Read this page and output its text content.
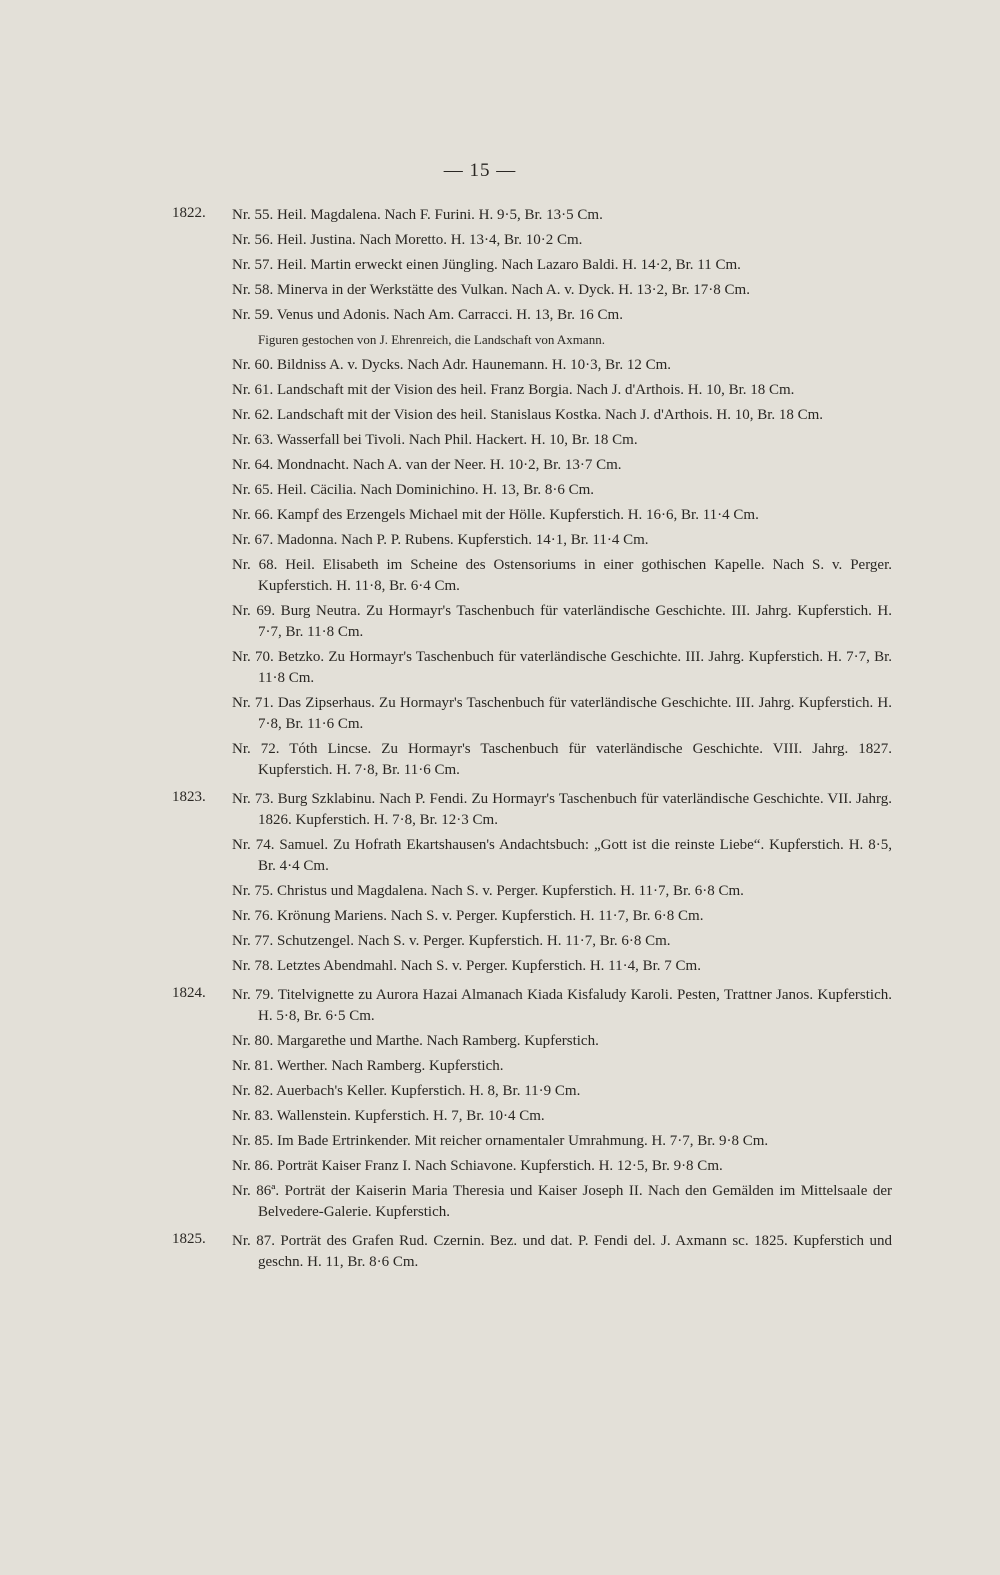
— 15 —
1822. Nr. 55. Heil. Magdalena. Nach F. Furini. H. 9·5, Br. 13·5 Cm.
Nr. 56. Heil. Justina. Nach Moretto. H. 13·4, Br. 10·2 Cm.
Nr. 57. Heil. Martin erweckt einen Jüngling. Nach Lazaro Baldi. H. 14·2, Br. 11 Cm.
Nr. 58. Minerva in der Werkstätte des Vulkan. Nach A. v. Dyck. H. 13·2, Br. 17·8 Cm.
Nr. 59. Venus und Adonis. Nach Am. Carracci. H. 13, Br. 16 Cm.
Figuren gestochen von J. Ehrenreich, die Landschaft von Axmann.
Nr. 60. Bildniss A. v. Dycks. Nach Adr. Haunemann. H. 10·3, Br. 12 Cm.
Nr. 61. Landschaft mit der Vision des heil. Franz Borgia. Nach J. d'Arthois. H. 10, Br. 18 Cm.
Nr. 62. Landschaft mit der Vision des heil. Stanislaus Kostka. Nach J. d'Arthois. H. 10, Br. 18 Cm.
Nr. 63. Wasserfall bei Tivoli. Nach Phil. Hackert. H. 10, Br. 18 Cm.
Nr. 64. Mondnacht. Nach A. van der Neer. H. 10·2, Br. 13·7 Cm.
Nr. 65. Heil. Cäcilia. Nach Dominichino. H. 13, Br. 8·6 Cm.
Nr. 66. Kampf des Erzengels Michael mit der Hölle. Kupferstich. H. 16·6, Br. 11·4 Cm.
Nr. 67. Madonna. Nach P. P. Rubens. Kupferstich. 14·1, Br. 11·4 Cm.
Nr. 68. Heil. Elisabeth im Scheine des Ostensoriums in einer gothischen Kapelle. Nach S. v. Perger. Kupferstich. H. 11·8, Br. 6·4 Cm.
Nr. 69. Burg Neutra. Zu Hormayr's Taschenbuch für vaterländische Geschichte. III. Jahrg. Kupferstich. H. 7·7, Br. 11·8 Cm.
Nr. 70. Betzko. Zu Hormayr's Taschenbuch für vaterländische Geschichte. III. Jahrg. Kupferstich. H. 7·7, Br. 11·8 Cm.
Nr. 71. Das Zipserhaus. Zu Hormayr's Taschenbuch für vaterländische Geschichte. III. Jahrg. Kupferstich. H. 7·8, Br. 11·6 Cm.
Nr. 72. Tóth Lincse. Zu Hormayr's Taschenbuch für vaterländische Geschichte. VIII. Jahrg. 1827. Kupferstich. H. 7·8, Br. 11·6 Cm.
1823. Nr. 73. Burg Szklabinu. Nach P. Fendi. Zu Hormayr's Taschenbuch für vaterländische Geschichte. VII. Jahrg. 1826. Kupferstich. H. 7·8, Br. 12·3 Cm.
Nr. 74. Samuel. Zu Hofrath Ekartshausen's Andachtsbuch: „Gott ist die reinste Liebe“. Kupferstich. H. 8·5, Br. 4·4 Cm.
Nr. 75. Christus und Magdalena. Nach S. v. Perger. Kupferstich. H. 11·7, Br. 6·8 Cm.
Nr. 76. Krönung Mariens. Nach S. v. Perger. Kupferstich. H. 11·7, Br. 6·8 Cm.
Nr. 77. Schutzengel. Nach S. v. Perger. Kupferstich. H. 11·7, Br. 6·8 Cm.
Nr. 78. Letztes Abendmahl. Nach S. v. Perger. Kupferstich. H. 11·4, Br. 7 Cm.
1824. Nr. 79. Titelvignette zu Aurora Hazai Almanach Kiada Kisfaludy Karoli. Pesten, Trattner Janos. Kupferstich. H. 5·8, Br. 6·5 Cm.
Nr. 80. Margarethe und Marthe. Nach Ramberg. Kupferstich.
Nr. 81. Werther. Nach Ramberg. Kupferstich.
Nr. 82. Auerbach's Keller. Kupferstich. H. 8, Br. 11·9 Cm.
Nr. 83. Wallenstein. Kupferstich. H. 7, Br. 10·4 Cm.
Nr. 85. Im Bade Ertrinkender. Mit reicher ornamentaler Umrahmung. H. 7·7, Br. 9·8 Cm.
Nr. 86. Porträt Kaiser Franz I. Nach Schiavone. Kupferstich. H. 12·5, Br. 9·8 Cm.
Nr. 86ª. Porträt der Kaiserin Maria Theresia und Kaiser Joseph II. Nach den Gemälden im Mittelsaale der Belvedere-Galerie. Kupferstich.
1825. Nr. 87. Porträt des Grafen Rud. Czernin. Bez. und dat. P. Fendi del. J. Axmann sc. 1825. Kupferstich und geschn. H. 11, Br. 8·6 Cm.
